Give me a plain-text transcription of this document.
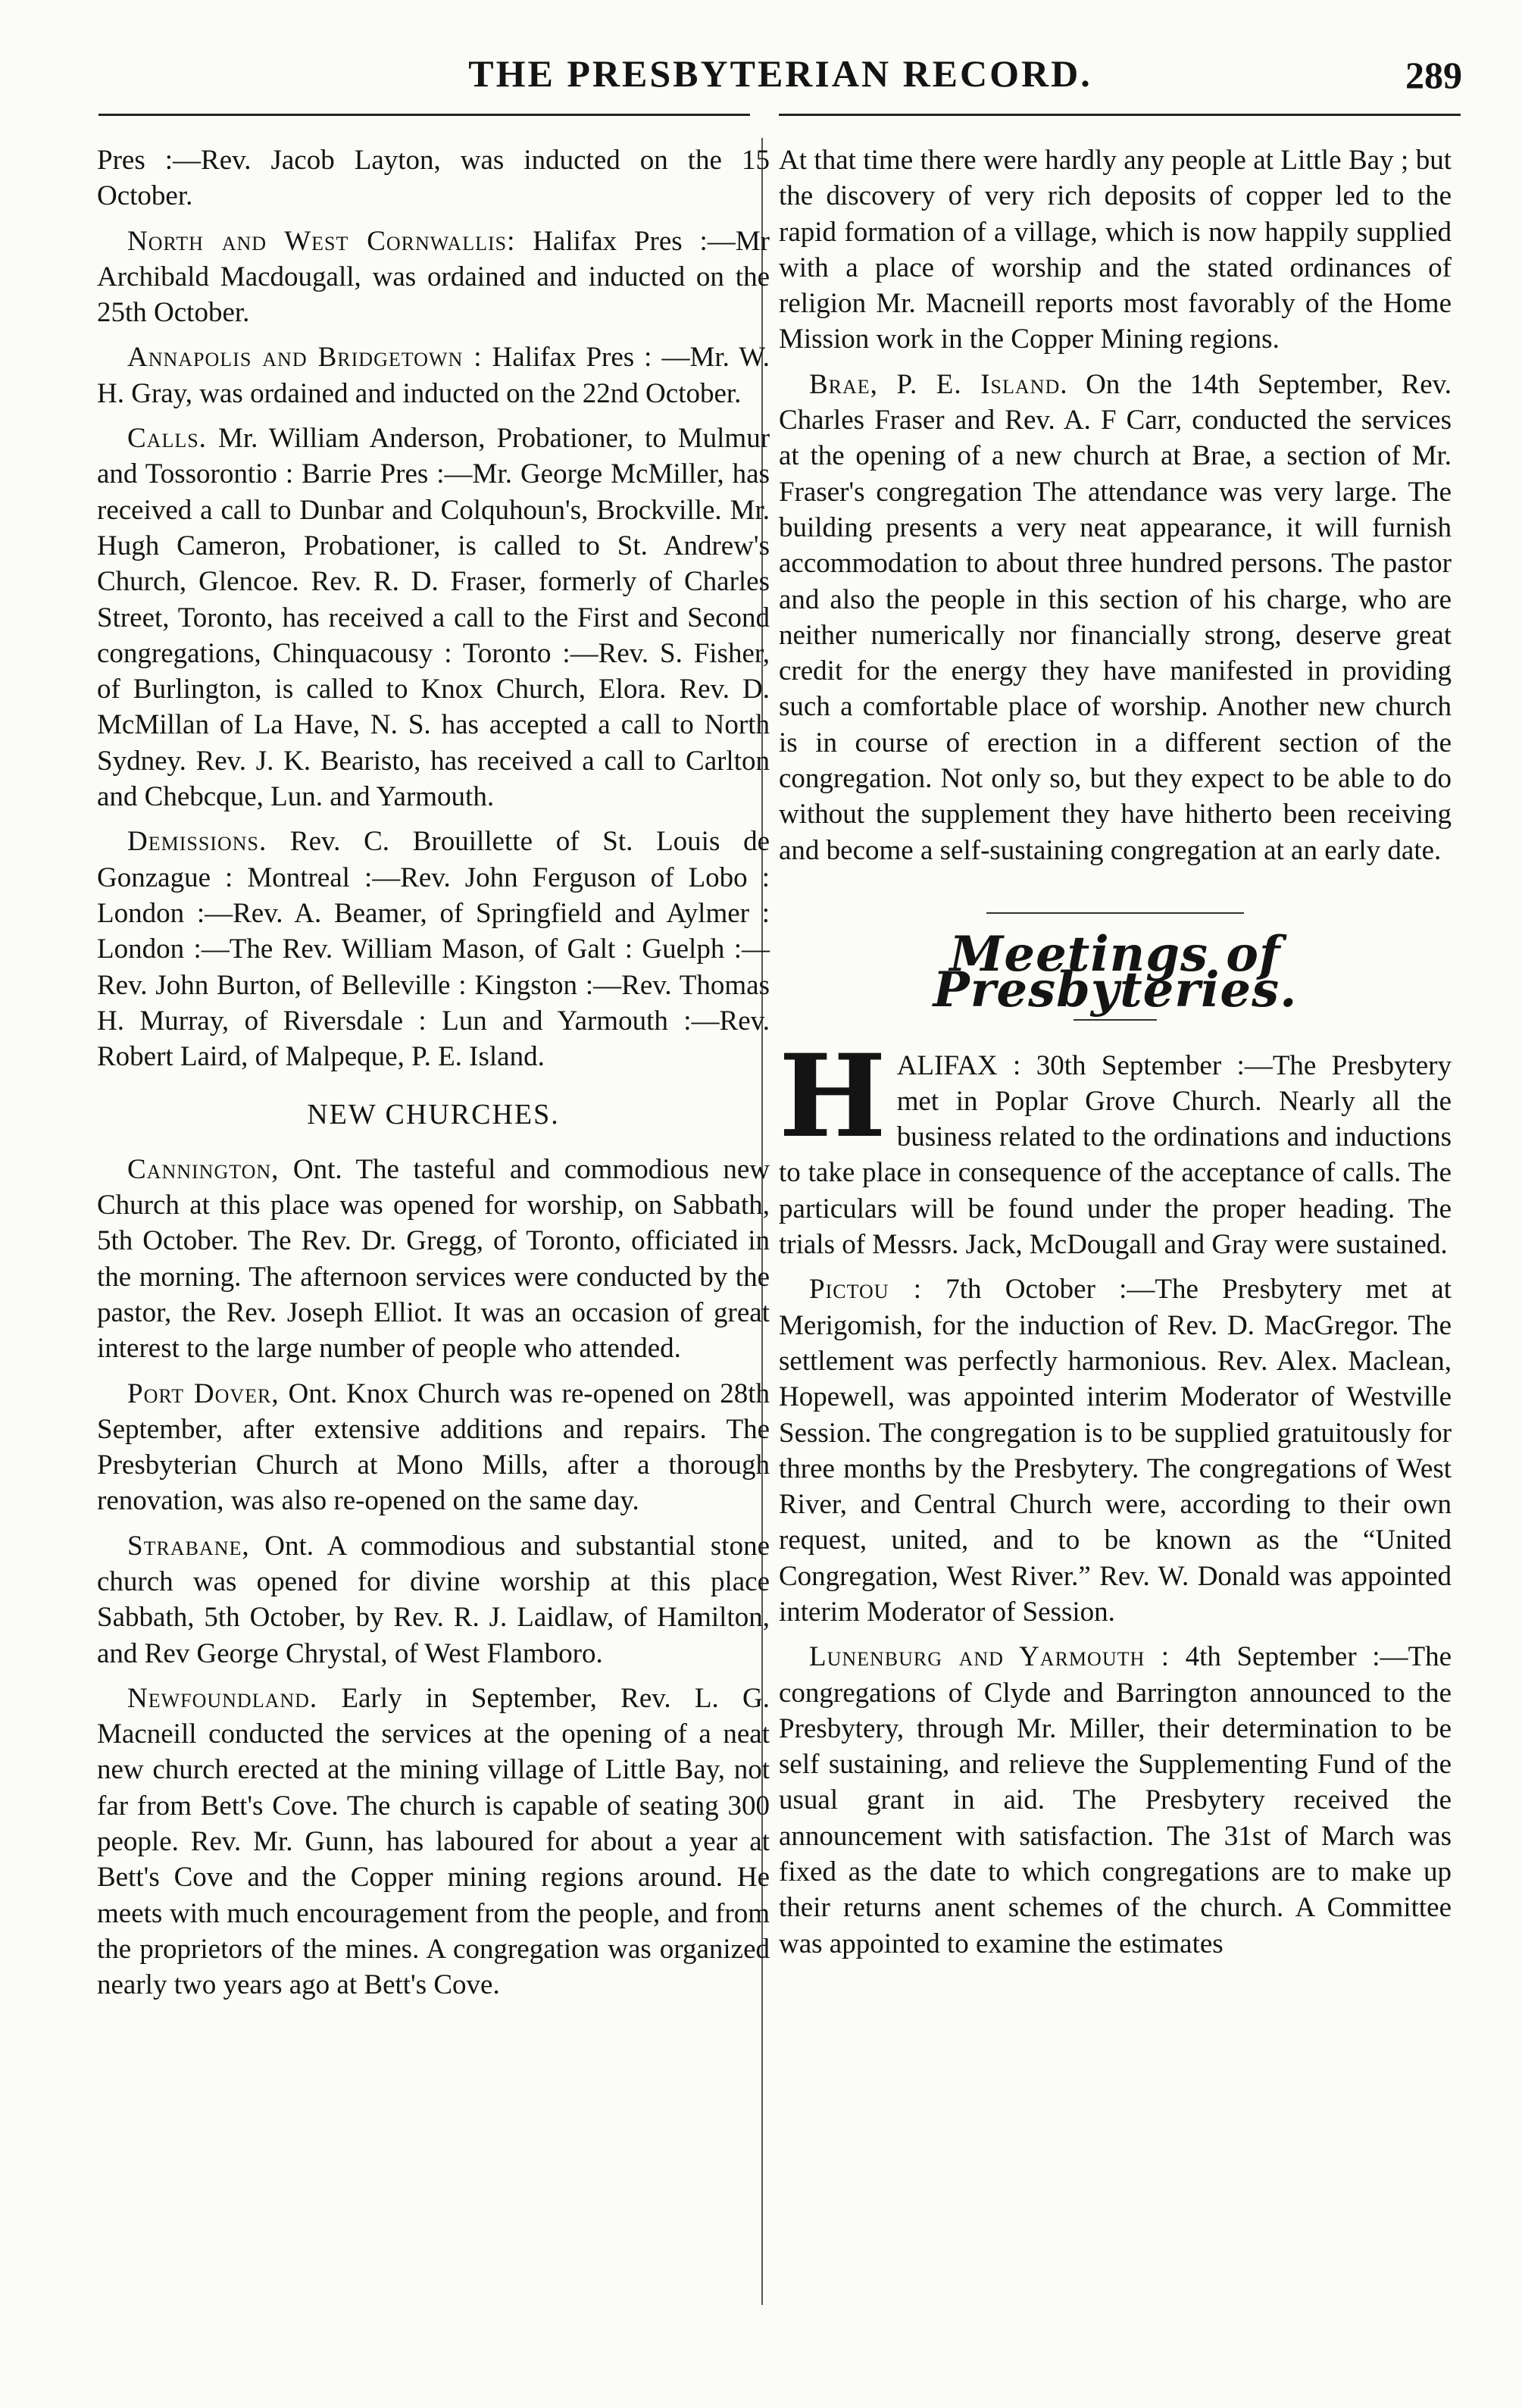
THE PRESBYTERIAN RECORD.	289

Pres :—Rev. Jacob Layton, was inducted on the 15 October.

North and West Cornwallis: Halifax Pres :—Mr Archibald Macdougall, was ordained and inducted on the 25th October.

Annapolis and Bridgetown : Halifax Pres : —Mr. W. H. Gray, was ordained and inducted on the 22nd October.

Calls. Mr. William Anderson, Probationer, to Mulmur and Tossorontio : Barrie Pres :—Mr. George McMiller, has received a call to Dunbar and Colquhoun's, Brockville. Mr. Hugh Cameron, Probationer, is called to St. Andrew's Church, Glencoe. Rev. R. D. Fraser, formerly of Charles Street, Toronto, has received a call to the First and Second congregations, Chinquacousy : Toronto :—Rev. S. Fisher, of Burlington, is called to Knox Church, Elora. Rev. D. McMillan of La Have, N. S. has accepted a call to North Sydney. Rev. J. K. Bearisto, has received a call to Carlton and Chebcque, Lun. and Yarmouth.

Demissions. Rev. C. Brouillette of St. Louis de Gonzague : Montreal :—Rev. John Ferguson of Lobo : London :—Rev. A. Beamer, of Springfield and Aylmer : London :—The Rev. William Mason, of Galt : Guelph :—Rev. John Burton, of Belleville : Kingston :—Rev. Thomas H. Murray, of Riversdale : Lun and Yarmouth :—Rev. Robert Laird, of Malpeque, P. E. Island.

NEW CHURCHES.

Cannington, Ont. The tasteful and commodious new Church at this place was opened for worship, on Sabbath, 5th October. The Rev. Dr. Gregg, of Toronto, officiated in the morning. The afternoon services were conducted by the pastor, the Rev. Joseph Elliot. It was an occasion of great interest to the large number of people who attended.

Port Dover, Ont. Knox Church was re-opened on 28th September, after extensive additions and repairs. The Presbyterian Church at Mono Mills, after a thorough renovation, was also re-opened on the same day.

Strabane, Ont. A commodious and substantial stone church was opened for divine worship at this place Sabbath, 5th October, by Rev. R. J. Laidlaw, of Hamilton, and Rev George Chrystal, of West Flamboro.

Newfoundland. Early in September, Rev. L. G. Macneill conducted the services at the opening of a neat new church erected at the mining village of Little Bay, not far from Bett's Cove. The church is capable of seating 300 people. Rev. Mr. Gunn, has laboured for about a year at Bett's Cove and the Copper mining regions around. He meets with much encouragement from the people, and from the proprietors of the mines. A congregation was organized nearly two years ago at Bett's Cove.

At that time there were hardly any people at Little Bay ; but the discovery of very rich deposits of copper led to the rapid formation of a village, which is now happily supplied with a place of worship and the stated ordinances of religion Mr. Macneill reports most favorably of the Home Mission work in the Copper Mining regions.

Brae, P. E. Island. On the 14th September, Rev. Charles Fraser and Rev. A. F Carr, conducted the services at the opening of a new church at Brae, a section of Mr. Fraser's congregation The attendance was very large. The building presents a very neat appearance, it will furnish accommodation to about three hundred persons. The pastor and also the people in this section of his charge, who are neither numerically nor financially strong, deserve great credit for the energy they have manifested in providing such a comfortable place of worship. Another new church is in course of erection in a different section of the congregation. Not only so, but they expect to be able to do without the supplement they have hitherto been receiving and become a self-sustaining congregation at an early date.

Meetings of Presbyteries.

H ALIFAX : 30th September :—The Presbytery met in Poplar Grove Church. Nearly all the business related to the ordinations and inductions to take place in consequence of the acceptance of calls. The particulars will be found under the proper heading. The trials of Messrs. Jack, McDougall and Gray were sustained.

Pictou : 7th October :—The Presbytery met at Merigomish, for the induction of Rev. D. MacGregor. The settlement was perfectly harmonious. Rev. Alex. Maclean, Hopewell, was appointed interim Moderator of Westville Session. The congregation is to be supplied gratuitously for three months by the Presbytery. The congregations of West River, and Central Church were, according to their own request, united, and to be known as the “United Congregation, West River.” Rev. W. Donald was appointed interim Moderator of Session.

Lunenburg and Yarmouth : 4th September :—The congregations of Clyde and Barrington announced to the Presbytery, through Mr. Miller, their determination to be self sustaining, and relieve the Supplementing Fund of the usual grant in aid. The Presbytery received the announcement with satisfaction. The 31st of March was fixed as the date to which congregations are to make up their returns anent schemes of the church. A Committee was appointed to examine the estimates
